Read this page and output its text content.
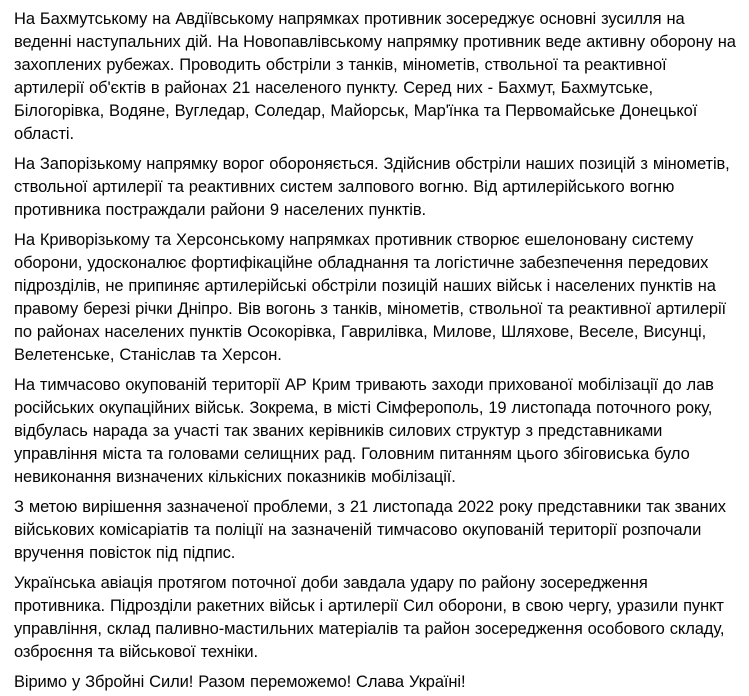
На Бахмутському на Авдіївському напрямках противник зосереджує основні зусилля на веденні наступальних дій. На Новопавлівському напрямку противник веде активну оборону на захоплених рубежах. Проводить обстріли з танків, мінометів, ствольної та реактивної артилерії об'єктів в районах 21 населеного пункту. Серед них - Бахмут, Бахмутське, Білогорівка, Водяне, Вугледар, Соледар, Майорськ, Мар'їнка та Первомайське Донецької області.

На Запорізькому напрямку ворог обороняється. Здійснив обстріли наших позицій з мінометів, ствольної артилерії та реактивних систем залпового вогню. Від артилерійського вогню противника постраждали райони 9 населених пунктів.

На Криворізькому та Херсонському напрямках противник створює ешелоновану систему оборони, удосконалює фортифікаційне обладнання та логістичне забезпечення передових підрозділів, не припиняє артилерійські обстріли позицій наших військ і населених пунктів на правому березі річки Дніпро. Вів вогонь з танків, мінометів, ствольної та реактивної артилерії по районах населених пунктів Осокорівка, Гаврилівка, Милове, Шляхове, Веселе, Висунці, Велетенське, Станіслав та Херсон.

На тимчасово окупованій території АР Крим тривають заходи прихованої мобілізації до лав російських окупаційних військ. Зокрема, в місті Сімферополь, 19 листопада поточного року, відбулась нарада за участі так званих керівників силових структур з представниками управління міста та головами селищних рад. Головним питанням цього збіговиська було невиконання визначених кількісних показників мобілізації.

З метою вирішення зазначеної проблеми, з 21 листопада 2022 року представники так званих військових комісаріатів та поліції на зазначеній тимчасово окупованій території розпочали вручення повісток під підпис.

Українська авіація протягом поточної доби завдала удару по району зосередження противника. Підрозділи ракетних військ і артилерії Сил оборони, в свою чергу, уразили пункт управління, склад паливно-мастильних матеріалів та район зосередження особового складу, озброєння та військової техніки.

Віримо у Збройні Сили! Разом переможемо! Слава Україні!
